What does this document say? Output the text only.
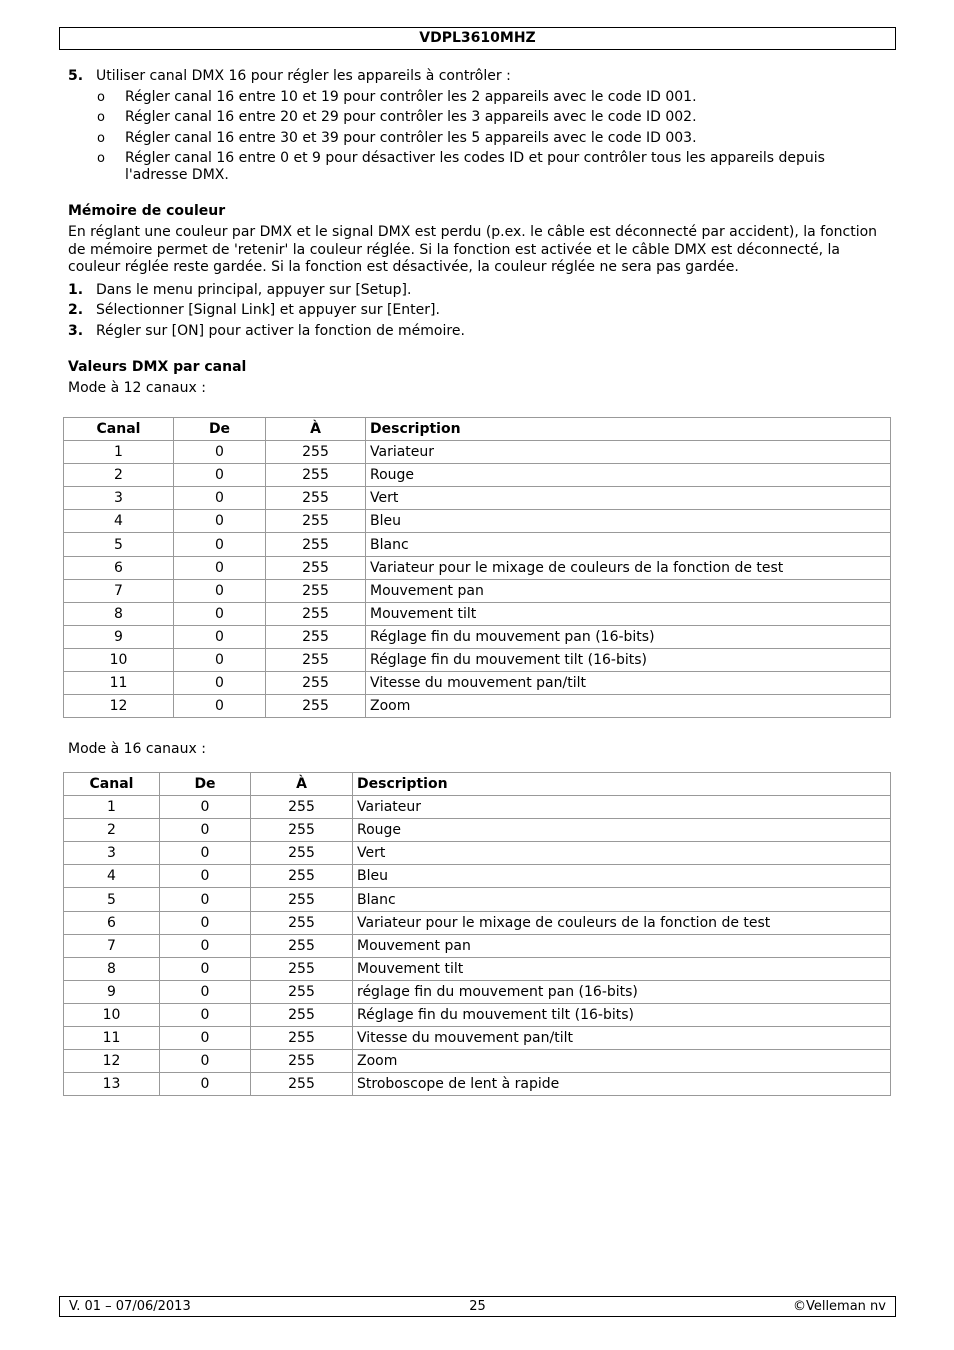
VDPL3610MHZ
5. Utiliser canal DMX 16 pour régler les appareils à contrôler :
o	Régler canal 16 entre 10 et 19 pour contrôler les 2 appareils avec le code ID 001.
o	Régler canal 16 entre 20 et 29 pour contrôler les 3 appareils avec le code ID 002.
o	Régler canal 16 entre 30 et 39 pour contrôler les 5 appareils avec le code ID 003.
o	Régler canal 16 entre 0 et 9 pour désactiver les codes ID et pour contrôler tous les appareils depuis l'adresse DMX.
Mémoire de couleur
En réglant une couleur par DMX et le signal DMX est perdu (p.ex. le câble est déconnecté par accident), la fonction de mémoire permet de 'retenir' la couleur réglée. Si la fonction est activée et le câble DMX est déconnecté, la couleur réglée reste gardée. Si la fonction est désactivée, la couleur réglée ne sera pas gardée.
1. Dans le menu principal, appuyer sur [Setup].
2. Sélectionner [Signal Link] et appuyer sur [Enter].
3. Régler sur [ON] pour activer la fonction de mémoire.
Valeurs DMX par canal
Mode à 12 canaux :
Canal	De	À	Description
1	0	255	Variateur
2	0	255	Rouge
3	0	255	Vert
4	0	255	Bleu
5	0	255	Blanc
6	0	255	Variateur pour le mixage de couleurs de la fonction de test
7	0	255	Mouvement pan
8	0	255	Mouvement tilt
9	0	255	Réglage fin du mouvement pan (16-bits)
10	0	255	Réglage fin du mouvement tilt (16-bits)
11	0	255	Vitesse du mouvement pan/tilt
12	0	255	Zoom
Mode à 16 canaux :
Canal	De	À	Description
1	0	255	Variateur
2	0	255	Rouge
3	0	255	Vert
4	0	255	Bleu
5	0	255	Blanc
6	0	255	Variateur pour le mixage de couleurs de la fonction de test
7	0	255	Mouvement pan
8	0	255	Mouvement tilt
9	0	255	réglage fin du mouvement pan (16-bits)
10	0	255	Réglage fin du mouvement tilt (16-bits)
11	0	255	Vitesse du mouvement pan/tilt
12	0	255	Zoom
13	0	255	Stroboscope de lent à rapide
25
V. 01 – 07/06/2013	©Velleman nv
